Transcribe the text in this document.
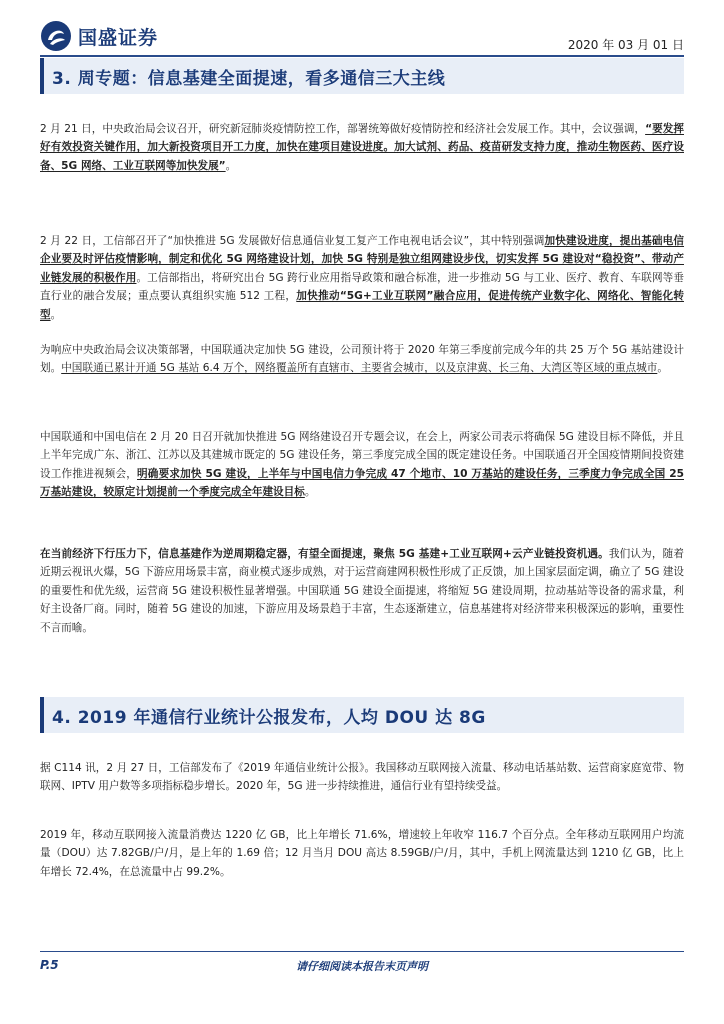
国盛证券	2020 年 03 月 01 日
3. 周专题：信息基建全面提速，看多通信三大主线
2 月 21 日，中央政治局会议召开，研究新冠肺炎疫情防控工作，部署统筹做好疫情防控和经济社会发展工作。其中，会议强调，“要发挥好有效投资关键作用，加大新投资项目开工力度，加快在建项目建设进度。加大试剂、药品、疫苗研发支持力度，推动生物医药、医疗设备、5G 网络、工业互联网等加快发展”。
2 月 22 日，工信部召开了“加快推进 5G 发展做好信息通信业复工复产工作电视电话会议”，其中特别强调加快建设进度，提出基础电信企业要及时评估疫情影响，制定和优化 5G 网络建设计划，加快 5G 特别是独立组网建设步伐，切实发挥 5G 建设对“稳投资”、带动产业链发展的积极作用。工信部指出，将研究出台 5G 跨行业应用指导政策和融合标准，进一步推动 5G 与工业、医疗、教育、车联网等垂直行业的融合发展；重点要认真组织实施 512 工程，加快推动“5G+工业互联网”融合应用，促进传统产业数字化、网络化、智能化转型。
为响应中央政治局会议决策部署，中国联通决定加快 5G 建设，公司预计将于 2020 年第三季度前完成今年的共 25 万个 5G 基站建设计划。中国联通已累计开通 5G 基站 6.4 万个，网络覆盖所有直辖市、主要省会城市，以及京津冀、长三角、大湾区等区域的重点城市。
中国联通和中国电信在 2 月 20 日召开就加快推进 5G 网络建设召开专题会议，在会上，两家公司表示将确保 5G 建设目标不降低，并且上半年完成广东、浙江、江苏以及其建城市既定的 5G 建设任务，第三季度完成全国的既定建设任务。中国联通召开全国疫情期间投资建设工作推进视频会，明确要求加快 5G 建设，上半年与中国电信力争完成 47 个地市、10 万基站的建设任务，三季度力争完成全国 25 万基站建设，较原定计划提前一个季度完成全年建设目标。
在当前经济下行压力下，信息基建作为逆周期稳定器，有望全面提速，聚焦 5G 基建+工业互联网+云产业链投资机遇。我们认为，随着近期云视讯火爆，5G 下游应用场景丰富，商业模式逐步成熟，对于运营商建网积极性形成了正反馈，加上国家层面定调，确立了 5G 建设的重要性和优先级，运营商 5G 建设积极性显著增强。中国联通 5G 建设全面提速，将缩短 5G 建设周期，拉动基站等设备的需求量，利好主设备厂商。同时，随着 5G 建设的加速，下游应用及场景趋于丰富，生态逐渐建立，信息基建将对经济带来积极深远的影响，重要性不言而喻。
4. 2019 年通信行业统计公报发布，人均 DOU 达 8G
据 C114 讯，2 月 27 日，工信部发布了《2019 年通信业统计公报》。我国移动互联网接入流量、移动电话基站数、运营商家庭宽带、物联网、IPTV 用户数等多项指标稳步增长。2020 年，5G 进一步持续推进，通信行业有望持续受益。
2019 年，移动互联网接入流量消费达 1220 亿 GB，比上年增长 71.6%，增速较上年收窄 116.7 个百分点。全年移动互联网用户均流量（DOU）达 7.82GB/户/月，是上年的 1.69 倍；12 月当月 DOU 高达 8.59GB/户/月，其中，手机上网流量达到 1210 亿 GB，比上年增长 72.4%，在总流量中占 99.2%。
请仔细阅读本报告末页声明
P.5
